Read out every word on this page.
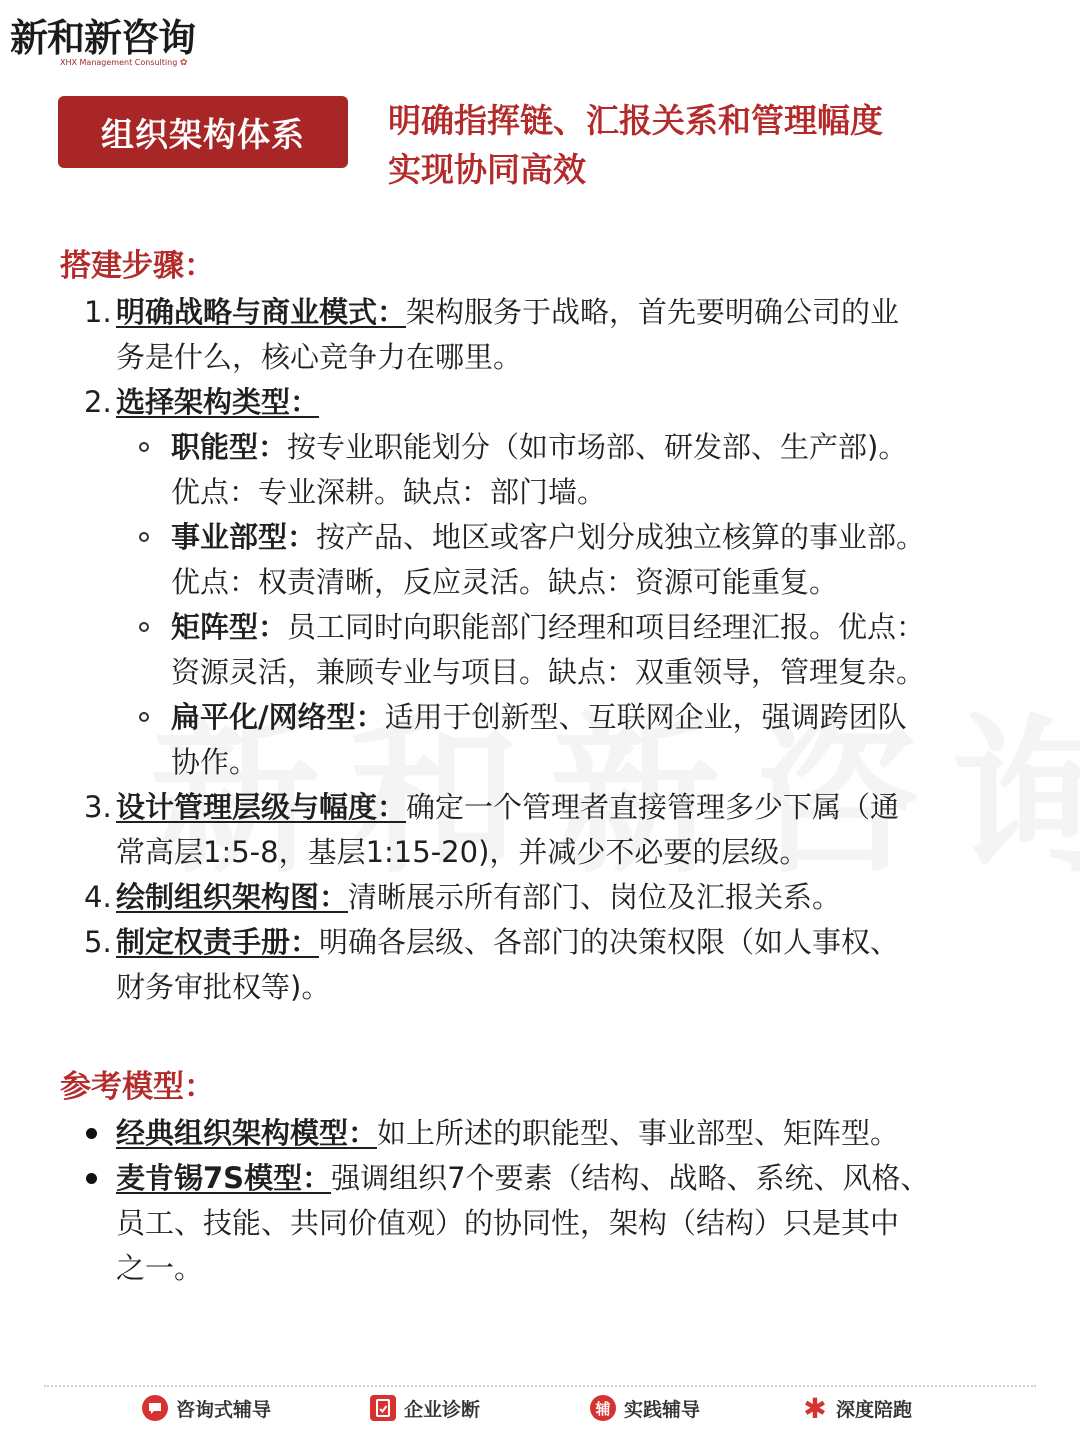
新和新咨询
XHX Management Consulting ✿
组织架构体系	明确指挥链、汇报关系和管理幅度
实现协同高效
搭建步骤：
1. 明确战略与商业模式：架构服务于战略，首先要明确公司的业
务是什么，核心竞争力在哪里。
2. 选择架构类型：
职能型：按专业职能划分（如市场部、研发部、生产部)。
优点：专业深耕。缺点：部门墙。
事业部型：按产品、地区或客户划分成独立核算的事业部。
优点：权责清晰，反应灵活。缺点：资源可能重复。
矩阵型：员工同时向职能部门经理和项目经理汇报。优点：
资源灵活，兼顾专业与项目。缺点：双重领导，管理复杂。
扁平化/网络型：适用于创新型、互联网企业，强调跨团队
协作。
3. 设计管理层级与幅度：确定一个管理者直接管理多少下属（通
常高层1:5-8，基层1:15-20)，并减少不必要的层级。
4. 绘制组织架构图：清晰展示所有部门、岗位及汇报关系。
5. 制定权责手册：明确各层级、各部门的决策权限（如人事权、
财务审批权等)。
参考模型：
经典组织架构模型：如上所述的职能型、事业部型、矩阵型。
麦肯锡7S模型：强调组织7个要素（结构、战略、系统、风格、
员工、技能、共同价值观）的协同性，架构（结构）只是其中
之一。
咨询式辅导	企业诊断	辅 实践辅导	✱ 深度陪跑
